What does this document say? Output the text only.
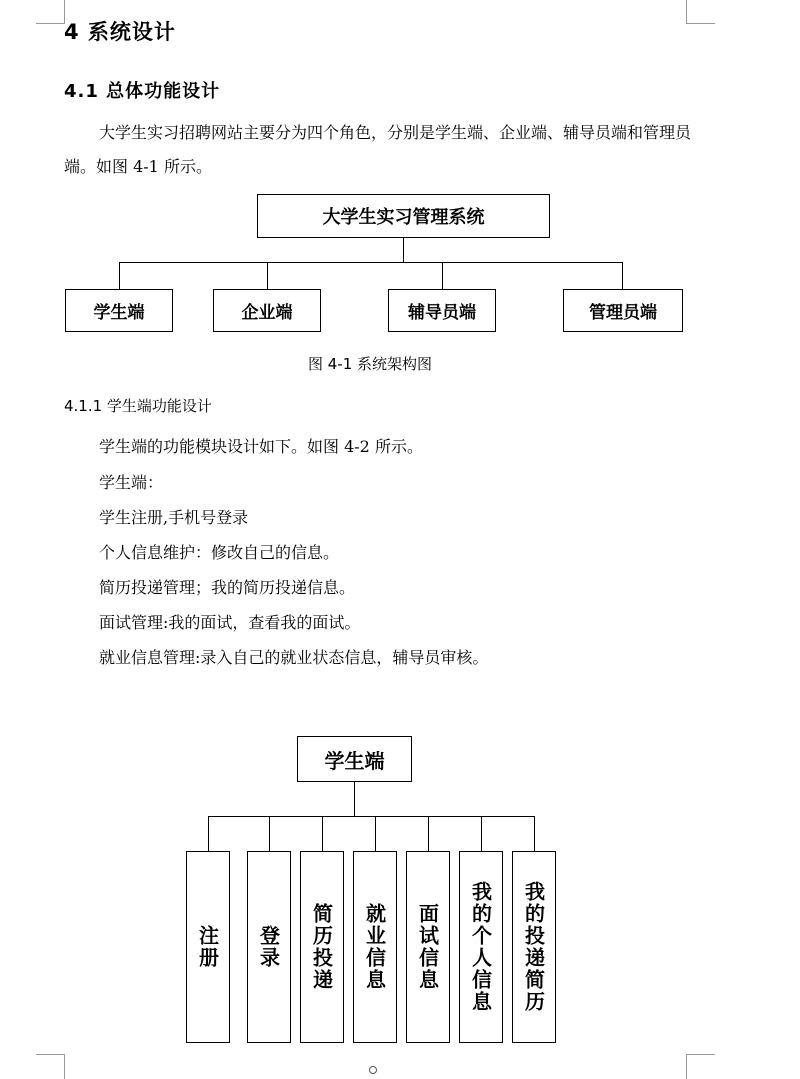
4 系统设计
4.1 总体功能设计
大学生实习招聘网站主要分为四个角色，分别是学生端、企业端、辅导员端和管理员端。如图 4-1 所示。
大学生实习管理系统
学生端	企业端	辅导员端	管理员端
图 4-1 系统架构图
4.1.1 学生端功能设计
学生端的功能模块设计如下。如图 4-2 所示。
学生端：
学生注册,手机号登录
个人信息维护：修改自己的信息。
简历投递管理；我的简历投递信息。
面试管理:我的面试，查看我的面试。
就业信息管理:录入自己的就业状态信息，辅导员审核。
学生端
注册 登录 简历投递 就业信息 面试信息 我的个人信息 我的投递简历
